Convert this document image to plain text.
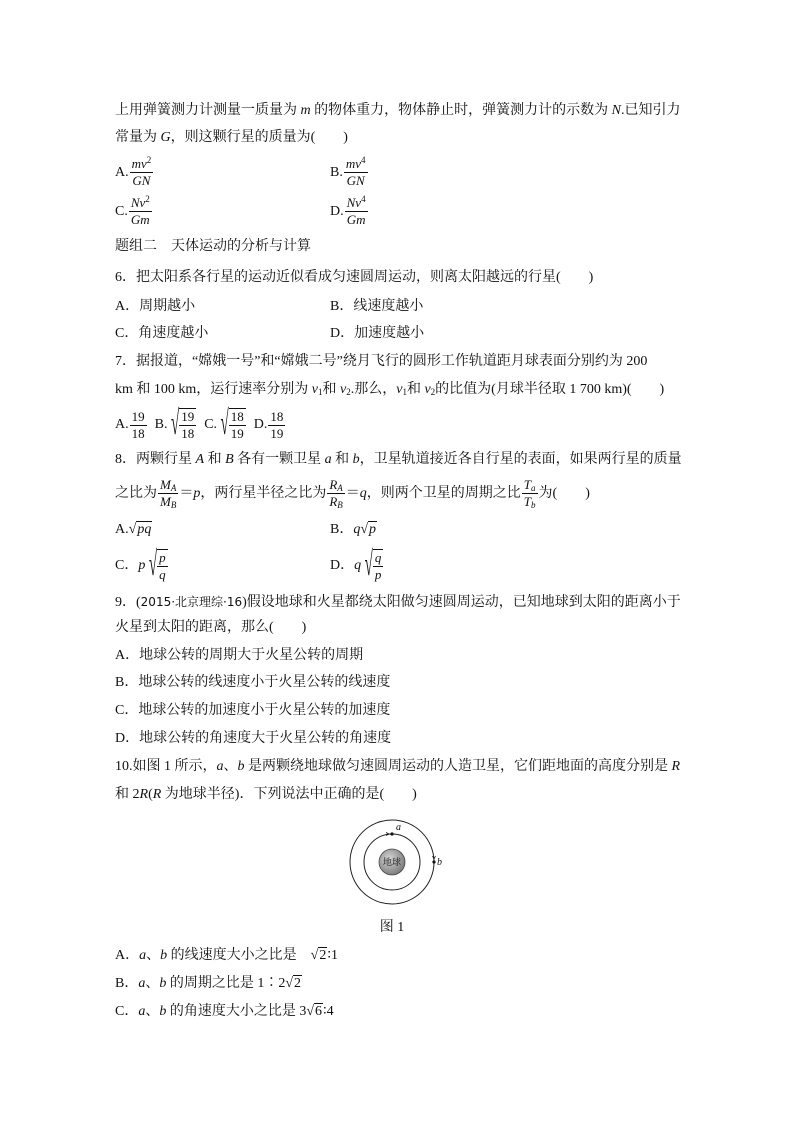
上用弹簧测力计测量一质量为 m 的物体重力，物体静止时，弹簧测力计的示数为 N.已知引力
常量为 G，则这颗行星的质量为(　　)
A. $\frac{mv^2}{GN}$	B. $\frac{mv^4}{GN}$
C. $\frac{Nv^2}{Gm}$	D. $\frac{Nv^4}{Gm}$
题组二　天体运动的分析与计算
6．把太阳系各行星的运动近似看成匀速圆周运动，则离太阳越远的行星(　　)
A．周期越小	B．线速度越小
C．角速度越小	D．加速度越小
7．据报道，“嫦娥一号”和“嫦娥二号”绕月飞行的圆形工作轨道距月球表面分别约为 200
km 和 100 km，运行速率分别为 $v_1$和 $v_2$.那么，$v_1$和 $v_2$的比值为(月球半径取 1 700 km)(　　)
A. $\frac{19}{18} B$. √ $\frac{19}{18} C$. √ $\frac{18}{19} D$. $\frac{18}{19}$
8．两颗行星 A 和 B 各有一颗卫星 a 和 b，卫星轨道接近各自行星的表面，如果两行星的质量
之比为 $\frac{M_A}{M_B} =p$，两行星半径之比为 $\frac{R_A}{R_B} =q$，则两个卫星的周期之比 $\frac{T_a}{T_b}$ 为(　　)
A.√pq	B．q√p
C．p √ $\frac{p}{q}$	D．q √ $\frac{q}{p}$
9．(2015·北京理综·16)假设地球和火星都绕太阳做匀速圆周运动，已知地球到太阳的距离小于
火星到太阳的距离，那么(　　)
A．地球公转的周期大于火星公转的周期
B．地球公转的线速度小于火星公转的线速度
C．地球公转的加速度小于火星公转的加速度
D．地球公转的角速度大于火星公转的角速度
10.如图 1 所示，a、b 是两颗绕地球做匀速圆周运动的人造卫星，它们距地面的高度分别是 R
和 2R(R 为地球半径)．下列说法中正确的是(　　)
地球
a
b
图 1
A．a、b 的线速度大小之比是　√2∶1
B．a、b 的周期之比是 1∶2√2
C．a、b 的角速度大小之比是 3√6∶4
